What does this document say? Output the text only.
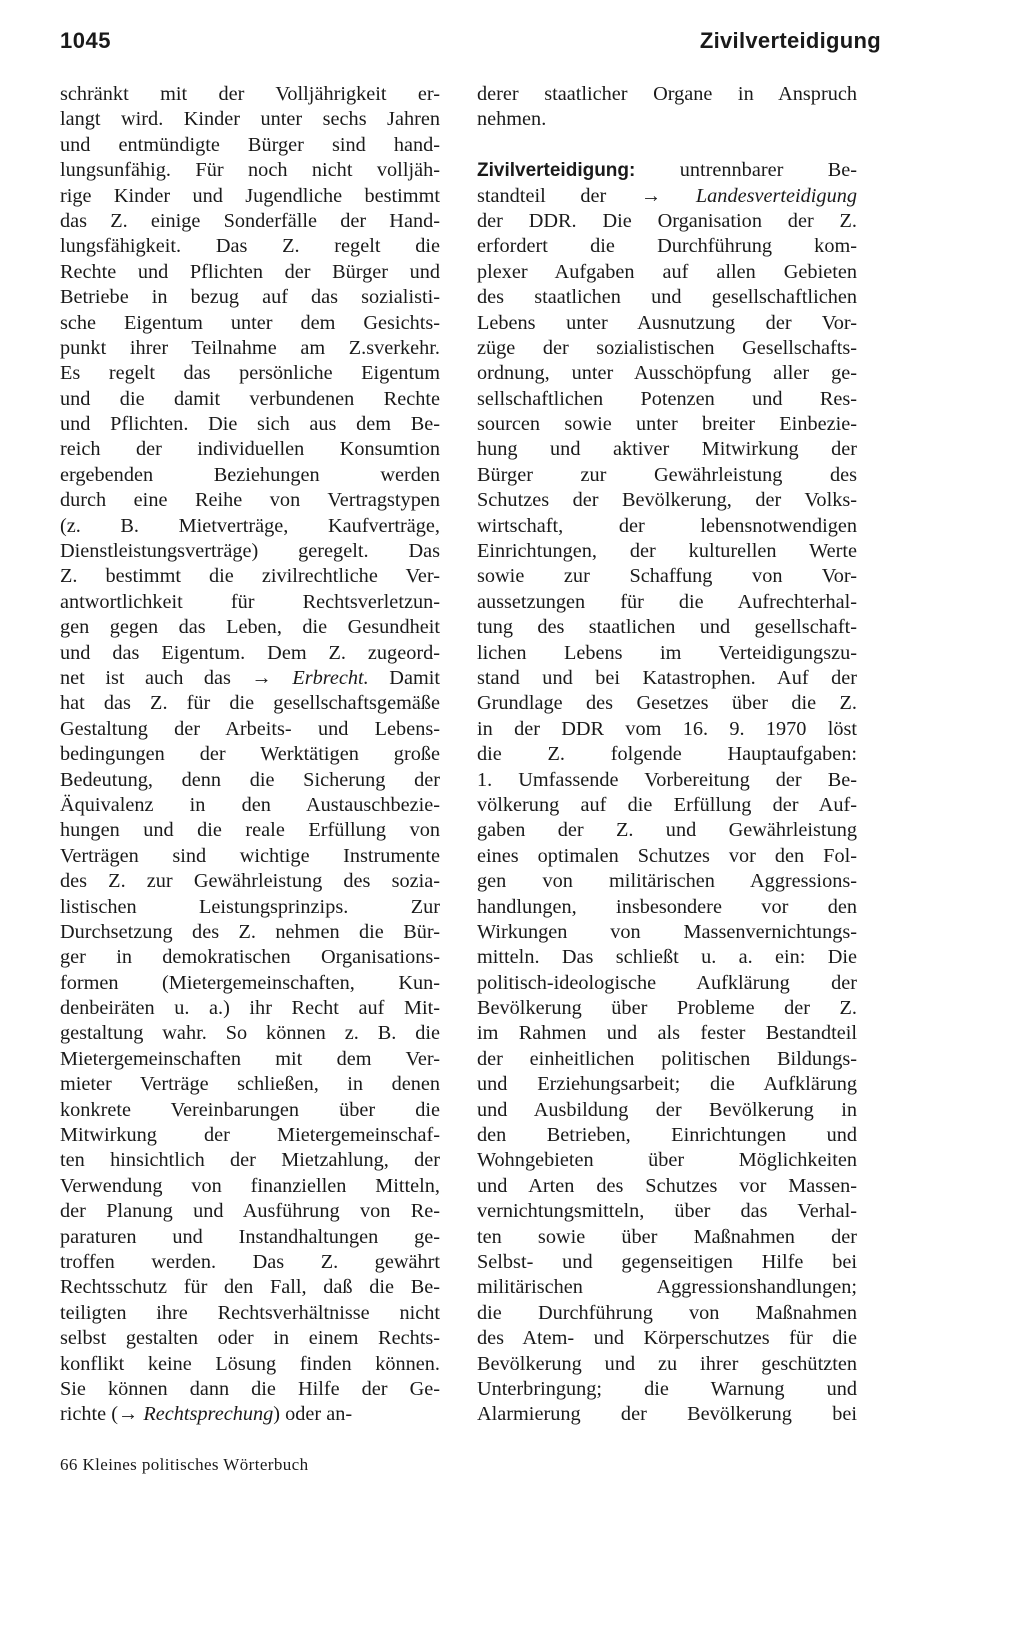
1045	Zivilverteidigung
schränkt mit der Volljährigkeit er-
langt wird. Kinder unter sechs Jahren
und entmündigte Bürger sind hand-
lungsunfähig. Für noch nicht volljäh-
rige Kinder und Jugendliche bestimmt
das Z. einige Sonderfälle der Hand-
lungsfähigkeit. Das Z. regelt die
Rechte und Pflichten der Bürger und
Betriebe in bezug auf das sozialisti-
sche Eigentum unter dem Gesichts-
punkt ihrer Teilnahme am Z.sverkehr.
Es regelt das persönliche Eigentum
und die damit verbundenen Rechte
und Pflichten. Die sich aus dem Be-
reich der individuellen Konsumtion
ergebenden Beziehungen werden
durch eine Reihe von Vertragstypen
(z. B. Mietverträge, Kaufverträge,
Dienstleistungsverträge) geregelt. Das
Z. bestimmt die zivilrechtliche Ver-
antwortlichkeit für Rechtsverletzun-
gen gegen das Leben, die Gesundheit
und das Eigentum. Dem Z. zugeord-
net ist auch das → Erbrecht. Damit
hat das Z. für die gesellschaftsgemäße
Gestaltung der Arbeits- und Lebens-
bedingungen der Werktätigen große
Bedeutung, denn die Sicherung der
Äquivalenz in den Austauschbezie-
hungen und die reale Erfüllung von
Verträgen sind wichtige Instrumente
des Z. zur Gewährleistung des sozia-
listischen Leistungsprinzips. Zur
Durchsetzung des Z. nehmen die Bür-
ger in demokratischen Organisations-
formen (Mietergemeinschaften, Kun-
denbeiräten u. a.) ihr Recht auf Mit-
gestaltung wahr. So können z. B. die
Mietergemeinschaften mit dem Ver-
mieter Verträge schließen, in denen
konkrete Vereinbarungen über die
Mitwirkung der Mietergemeinschaf-
ten hinsichtlich der Mietzahlung, der
Verwendung von finanziellen Mitteln,
der Planung und Ausführung von Re-
paraturen und Instandhaltungen ge-
troffen werden. Das Z. gewährt
Rechtsschutz für den Fall, daß die Be-
teiligten ihre Rechtsverhältnisse nicht
selbst gestalten oder in einem Rechts-
konflikt keine Lösung finden können.
Sie können dann die Hilfe der Ge-
richte (→ Rechtsprechung) oder an-
derer staatlicher Organe in Anspruch
nehmen.
Zivilverteidigung: untrennbarer Be-
standteil der → Landesverteidigung
der DDR. Die Organisation der Z.
erfordert die Durchführung kom-
plexer Aufgaben auf allen Gebieten
des staatlichen und gesellschaftlichen
Lebens unter Ausnutzung der Vor-
züge der sozialistischen Gesellschafts-
ordnung, unter Ausschöpfung aller ge-
sellschaftlichen Potenzen und Res-
sourcen sowie unter breiter Einbezie-
hung und aktiver Mitwirkung der
Bürger zur Gewährleistung des
Schutzes der Bevölkerung, der Volks-
wirtschaft, der lebensnotwendigen
Einrichtungen, der kulturellen Werte
sowie zur Schaffung von Vor-
aussetzungen für die Aufrechterhal-
tung des staatlichen und gesellschaft-
lichen Lebens im Verteidigungszu-
stand und bei Katastrophen. Auf der
Grundlage des Gesetzes über die Z.
in der DDR vom 16. 9. 1970 löst
die Z. folgende Hauptaufgaben:
1. Umfassende Vorbereitung der Be-
völkerung auf die Erfüllung der Auf-
gaben der Z. und Gewährleistung
eines optimalen Schutzes vor den Fol-
gen von militärischen Aggressions-
handlungen, insbesondere vor den
Wirkungen von Massenvernichtungs-
mitteln. Das schließt u. a. ein: Die
politisch-ideologische Aufklärung der
Bevölkerung über Probleme der Z.
im Rahmen und als fester Bestandteil
der einheitlichen politischen Bildungs-
und Erziehungsarbeit; die Aufklärung
und Ausbildung der Bevölkerung in
den Betrieben, Einrichtungen und
Wohngebieten über Möglichkeiten
und Arten des Schutzes vor Massen-
vernichtungsmitteln, über das Verhal-
ten sowie über Maßnahmen der
Selbst- und gegenseitigen Hilfe bei
militärischen Aggressionshandlungen;
die Durchführung von Maßnahmen
des Atem- und Körperschutzes für die
Bevölkerung und zu ihrer geschützten
Unterbringung; die Warnung und
Alarmierung der Bevölkerung bei
66 Kleines politisches Wörterbuch
